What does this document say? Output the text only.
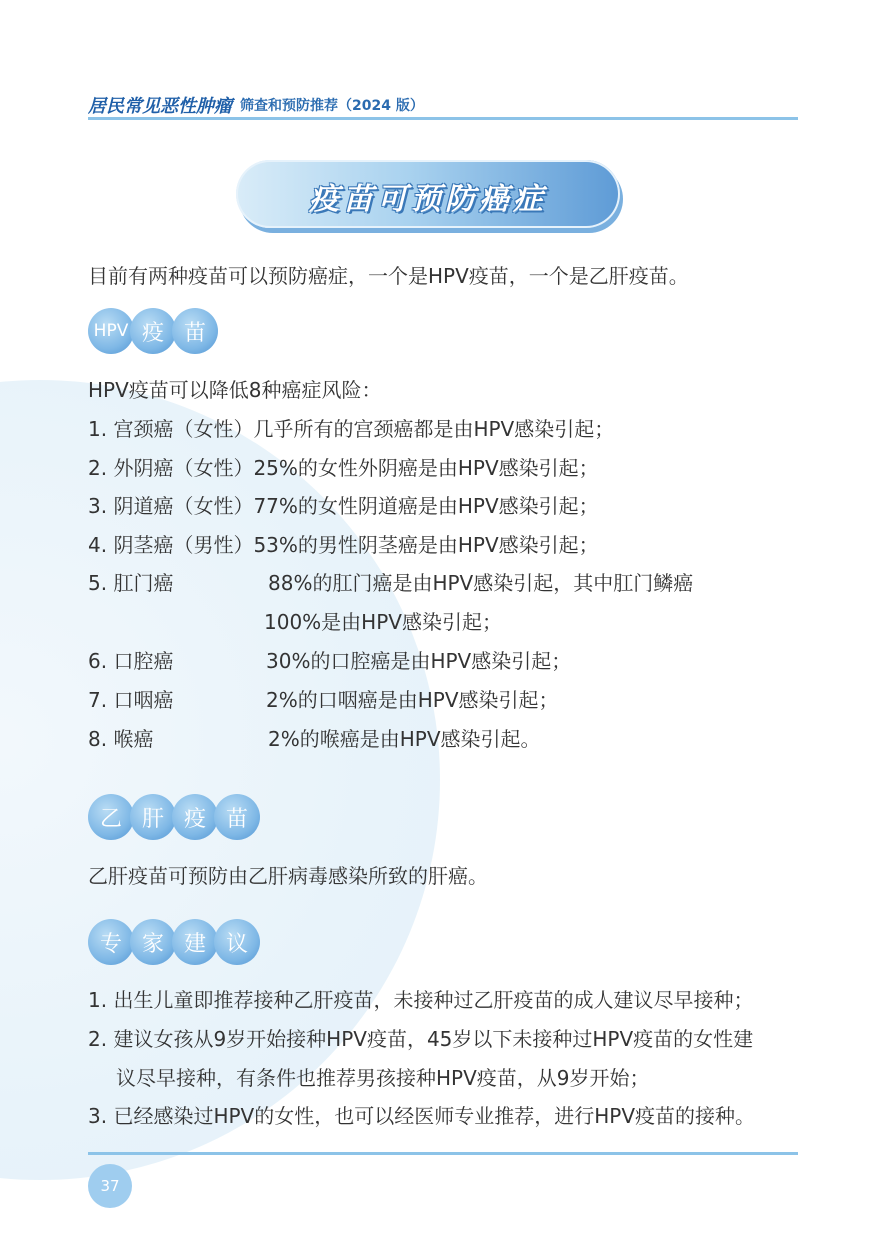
居民常见恶性肿瘤 筛查和预防推荐（2024 版）
疫苗可预防癌症
目前有两种疫苗可以预防癌症，一个是HPV疫苗，一个是乙肝疫苗。
HPV 疫 苗
HPV疫苗可以降低8种癌症风险：
1. 宫颈癌（女性）几乎所有的宫颈癌都是由HPV感染引起；
2. 外阴癌（女性）25%的女性外阴癌是由HPV感染引起；
3. 阴道癌（女性）77%的女性阴道癌是由HPV感染引起；
4. 阴茎癌（男性）53%的男性阴茎癌是由HPV感染引起；
5. 肛门癌	88%的肛门癌是由HPV感染引起，其中肛门鳞癌
100%是由HPV感染引起；
6. 口腔癌	30%的口腔癌是由HPV感染引起；
7. 口咽癌	2%的口咽癌是由HPV感染引起；
8. 喉癌	2%的喉癌是由HPV感染引起。
乙 肝 疫 苗
乙肝疫苗可预防由乙肝病毒感染所致的肝癌。
专 家 建 议
1. 出生儿童即推荐接种乙肝疫苗，未接种过乙肝疫苗的成人建议尽早接种；
2. 建议女孩从9岁开始接种HPV疫苗，45岁以下未接种过HPV疫苗的女性建
议尽早接种，有条件也推荐男孩接种HPV疫苗，从9岁开始；
3. 已经感染过HPV的女性，也可以经医师专业推荐，进行HPV疫苗的接种。
37
